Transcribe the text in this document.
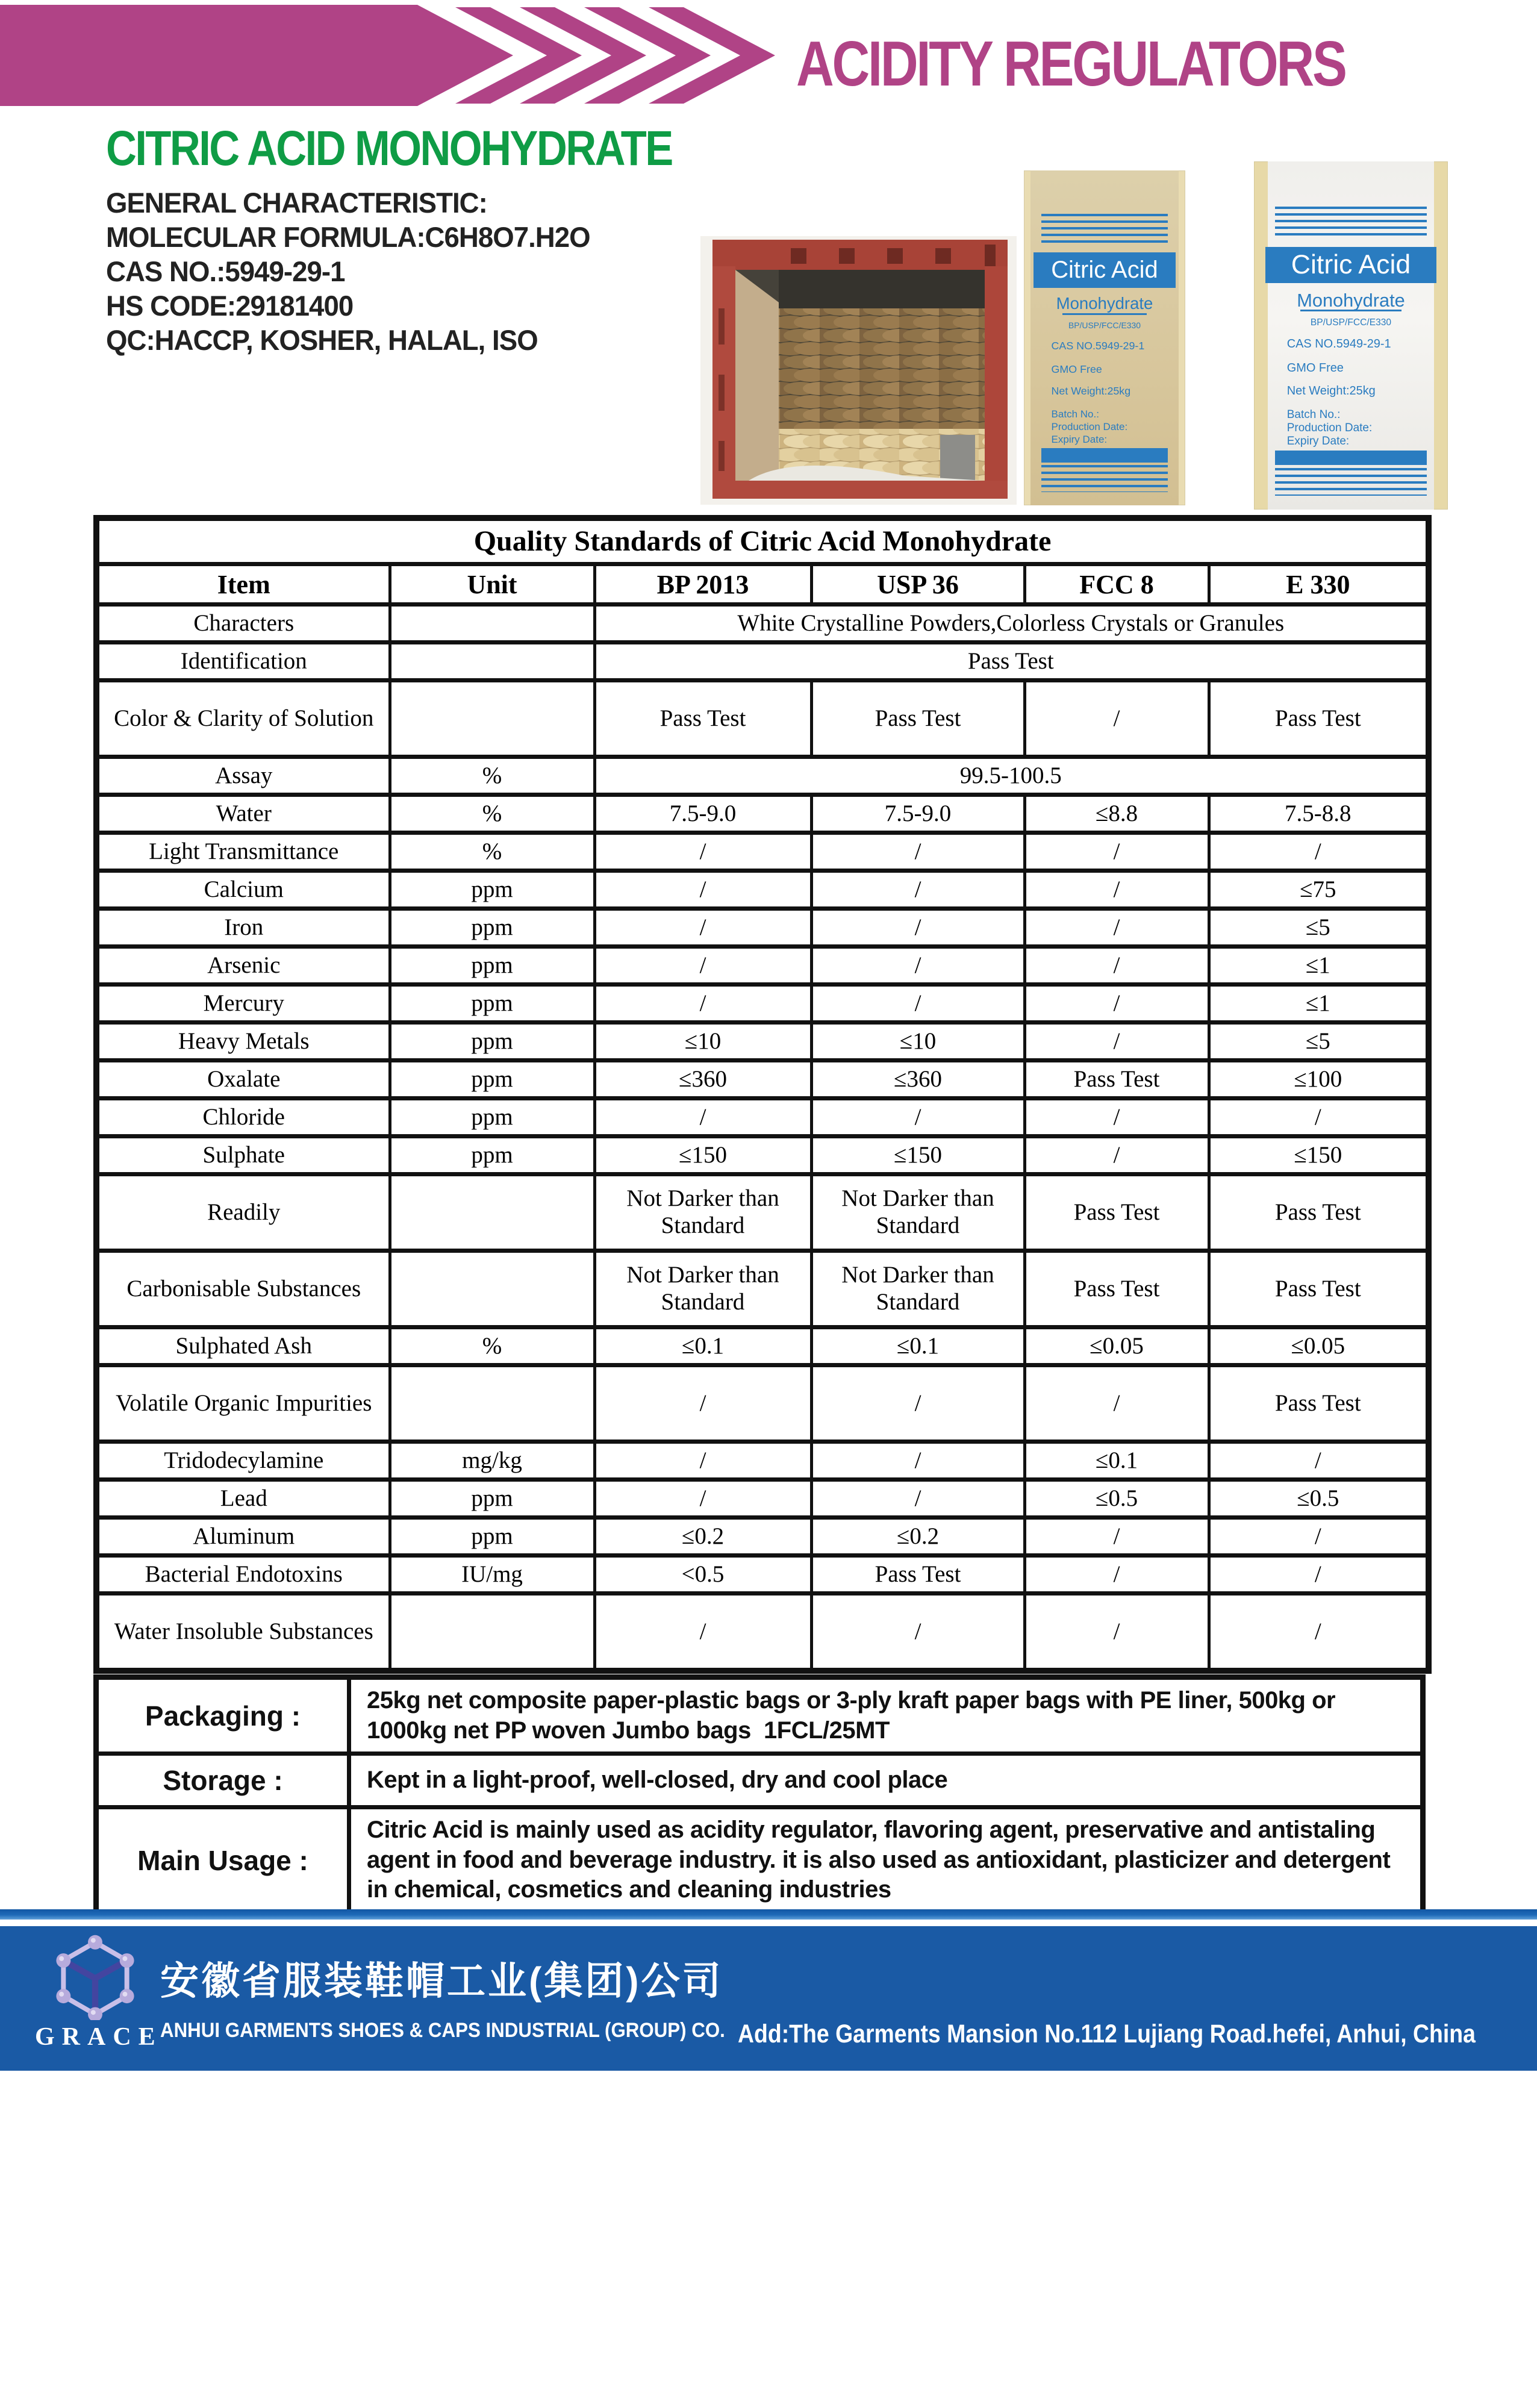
ACIDITY REGULATORS
CITRIC ACID MONOHYDRATE
GENERAL CHARACTERISTIC:
MOLECULAR FORMULA:C6H8O7.H2O
CAS NO.:5949-29-1
HS CODE:29181400
QC:HACCP, KOSHER, HALAL, ISO
Citric Acid
Monohydrate
BP/USP/FCC/E330
CAS NO.5949-29-1
GMO Free
Net Weight:25kg
Batch No.:
Production Date:
Expiry Date:
Citric Acid
Monohydrate
BP/USP/FCC/E330
CAS NO.5949-29-1
GMO Free
Net Weight:25kg
Batch No.:
Production Date:
Expiry Date:
Quality Standards of Citric Acid Monohydrate					
Item	Unit	BP 2013	USP 36	FCC 8	E 330
Characters		White Crystalline Powders,Colorless Crystals or Granules			
Identification		Pass Test			
Color & Clarity of Solution		Pass Test	Pass Test	/	Pass Test
Assay	%	99.5-100.5			
Water	%	7.5-9.0	7.5-9.0	≤8.8	7.5-8.8
Light Transmittance	%	/	/	/	/
Calcium	ppm	/	/	/	≤75
Iron	ppm	/	/	/	≤5
Arsenic	ppm	/	/	/	≤1
Mercury	ppm	/	/	/	≤1
Heavy Metals	ppm	≤10	≤10	/	≤5
Oxalate	ppm	≤360	≤360	Pass Test	≤100
Chloride	ppm	/	/	/	/
Sulphate	ppm	≤150	≤150	/	≤150
Readily		Not Darker than Standard	Not Darker than Standard	Pass Test	Pass Test
Carbonisable Substances		Not Darker than Standard	Not Darker than Standard	Pass Test	Pass Test
Sulphated Ash	%	≤0.1	≤0.1	≤0.05	≤0.05
Volatile Organic Impurities		/	/	/	Pass Test
Tridodecylamine	mg/kg	/	/	≤0.1	/
Lead	ppm	/	/	≤0.5	≤0.5
Aluminum	ppm	≤0.2	≤0.2	/	/
Bacterial Endotoxins	IU/mg	<0.5	Pass Test	/	/
Water Insoluble Substances		/	/	/	/
Packaging :	25kg net composite paper-plastic bags or 3-ply kraft paper bags with PE liner, 500kg or 1000kg net PP woven Jumbo bags  1FCL/25MT
Storage :	Kept in a light-proof, well-closed, dry and cool place
Main Usage :	Citric Acid is mainly used as acidity regulator, flavoring agent, preservative and antistaling agent in food and beverage industry. it is also used as antioxidant, plasticizer and detergent in chemical, cosmetics and cleaning industries
GRACE
安徽省服装鞋帽工业(集团)公司
ANHUI GARMENTS SHOES & CAPS INDUSTRIAL (GROUP) CO.

Add:The Garments Mansion No.112 Lujiang Road.hefei, Anhui, China

Tel:86-551-62634488   62643501 Mobile:18656351818

MSN:yuhai2634488@hotmail.com SKYPE:pharchem08

E-mail:yuhai@anhuigraceman.com
